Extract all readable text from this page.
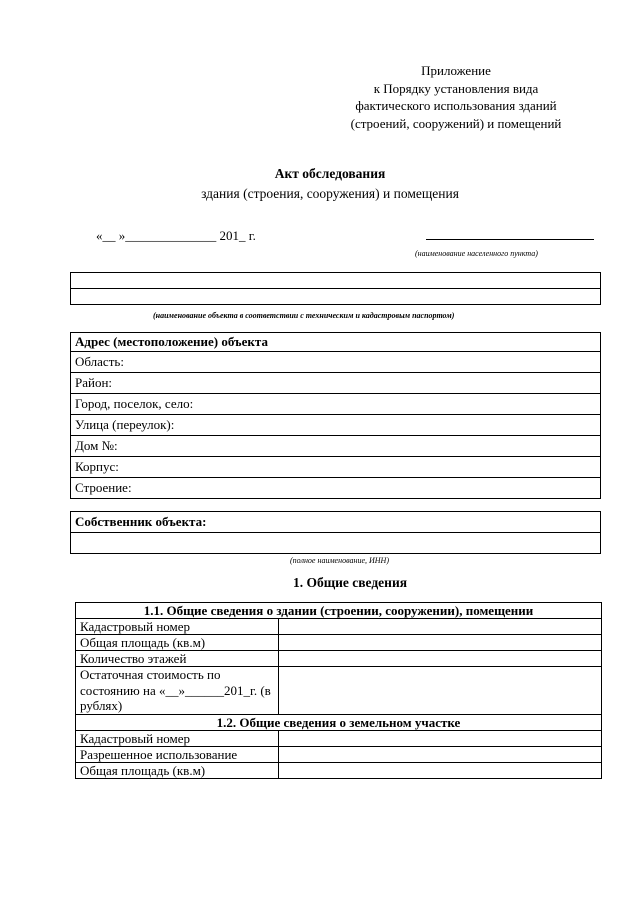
Приложение
к Порядку установления вида
фактического использования зданий
(строений, сооружений) и помещений
Акт обследования
здания (строения, сооружения) и помещения
«__ »______________ 201_ г.
(наименование населенного пункта)

(наименование объекта в соответствии с техническим и кадастровым паспортом)
Адрес (местоположение) объекта
Область:
Район:
Город, поселок, село:
Улица (переулок):
Дом №:
Корпус:
Строение:
Собственник объекта:

(полное наименование, ИНН)
1. Общие сведения
1.1. Общие сведения о здании (строении, сооружении), помещении	
Кадастровый номер	
Общая площадь (кв.м)	
Количество этажей	
Остаточная стоимость по состоянию на «__»______201_г. (в рублях)	
1.2. Общие сведения о земельном участке	
Кадастровый номер	
Разрешенное использование	
Общая площадь (кв.м)	
